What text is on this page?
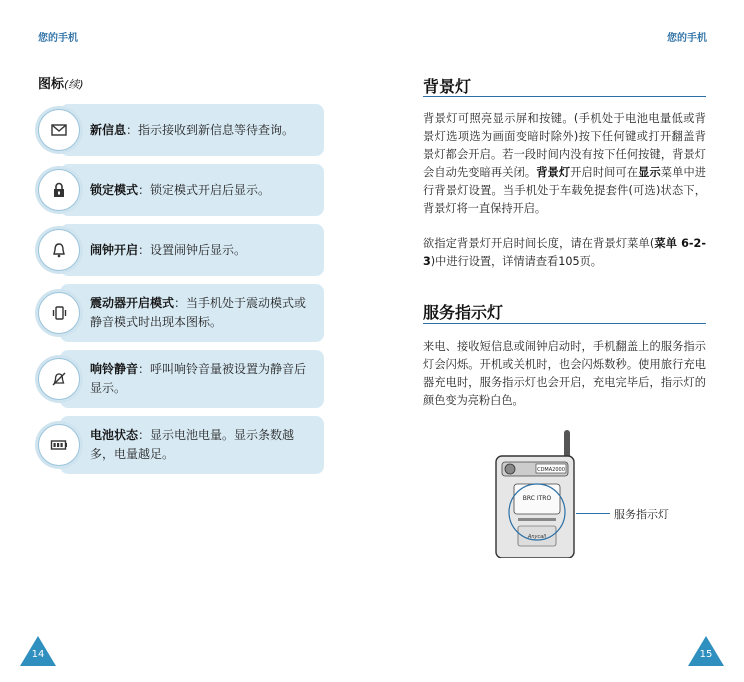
您的手机	您的手机
图标(续)
新信息：指示接收到新信息等待查询。
锁定模式：锁定模式开启后显示。
闹钟开启：设置闹钟后显示。
震动器开启模式：当手机处于震动模式或静音模式时出现本图标。
响铃静音：呼叫响铃音量被设置为静音后显示。
电池状态：显示电池电量。显示条数越多，电量越足。
背景灯
背景灯可照亮显示屏和按键。(手机处于电池电量低或背景灯选项选为画面变暗时除外)按下任何键或打开翻盖背景灯都会开启。若一段时间内没有按下任何按键，背景灯会自动先变暗再关闭。背景灯开启时间可在显示菜单中进行背景灯设置。当手机处于车载免提套件(可选)状态下，背景灯将一直保持开启。
欲指定背景灯开启时间长度，请在背景灯菜单(菜单 6-2-3)中进行设置，详情请查看105页。
服务指示灯
来电、接收短信息或闹钟启动时，手机翻盖上的服务指示灯会闪烁。开机或关机时，也会闪烁数秒。使用旅行充电器充电时，服务指示灯也会开启，充电完毕后，指示灯的颜色变为亮粉白色。
CDMA2000
BRC ITRO
Anycall
服务指示灯
14	15
